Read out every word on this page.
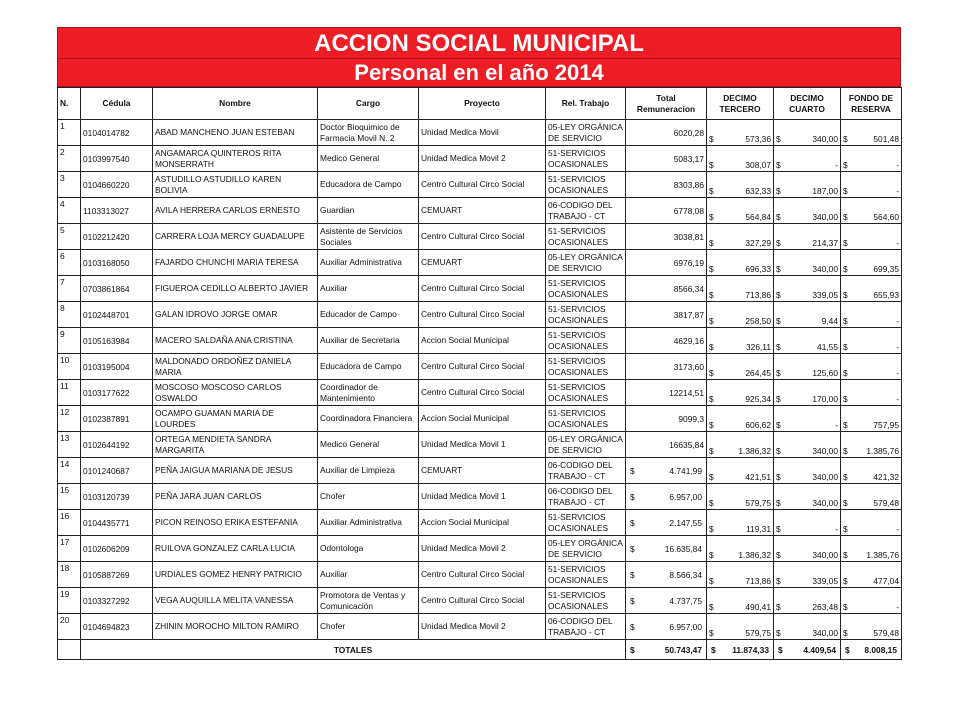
ACCION SOCIAL MUNICIPAL
Personal en el año 2014
N.	Cédula	Nombre	Cargo	Proyecto	Rel. Trabajo	Total Remuneracion	DECIMO TERCERO	DECIMO CUARTO	FONDO DE RESERVA
1	0104014782	ABAD MANCHENO JUAN ESTEBAN	Doctor Bioquimico de Farmacia Movil N. 2	Unidad Medica Movil	05-LEY ORGÁNICA DE SERVICIO	6020,28	$ 573,36	$ 340,00	$ 501,48

2	0103997540	ANGAMARCA QUINTEROS RITA MONSERRATH	Medico General	Unidad Medica Movil 2	51-SERVICIOS OCASIONALES	5083,17	$ 308,07	$ -	$ -

3	0104660220	ASTUDILLO ASTUDILLO KAREN BOLIVIA	Educadora de Campo	Centro Cultural Circo Social	51-SERVICIOS OCASIONALES	8303,86	$ 632,33	$ 187,00	$ -

4	1103313027	AVILA HERRERA CARLOS ERNESTO	Guardian	CEMUART	06-CODIGO DEL TRABAJO - CT	6778,08	$ 564,84	$ 340,00	$ 564,60

5	0102212420	CARRERA LOJA MERCY GUADALUPE	Asistente de Servicios Sociales	Centro Cultural Circo Social	51-SERVICIOS OCASIONALES	3038,81	$ 327,29	$ 214,37	$ -

6	0103168050	FAJARDO CHUNCHI MARIA TERESA	Auxiliar Administrativa	CEMUART	05-LEY ORGÁNICA DE SERVICIO	6976,19	$ 696,33	$ 340,00	$ 699,35

7	0703861864	FIGUEROA CEDILLO ALBERTO JAVIER	Auxiliar	Centro Cultural Circo Social	51-SERVICIOS OCASIONALES	8566,34	$ 713,86	$ 339,05	$ 655,93

8	0102448701	GALAN IDROVO JORGE OMAR	Educador de Campo	Centro Cultural Circo Social	51-SERVICIOS OCASIONALES	3817,87	$ 258,50	$ 9,44	$ -

9	0105163984	MACERO SALDAÑA ANA CRISTINA	Auxiliar de Secretaria	Accion Social Municipal	51-SERVICIOS OCASIONALES	4629,16	$ 326,11	$ 41,55	$ -

10	0103195004	MALDONADO ORDOÑEZ DANIELA MARIA	Educadora de Campo	Centro Cultural Circo Social	51-SERVICIOS OCASIONALES	3173,60	$ 264,45	$ 125,60	$ -

11	0103177622	MOSCOSO MOSCOSO CARLOS OSWALDO	Coordinador de Mantenimiento	Centro Cultural Circo Social	51-SERVICIOS OCASIONALES	12214,51	$ 925,34	$ 170,00	$ -

12	0102387891	OCAMPO GUAMAN MARIA DE LOURDES	Coordinadora Financiera	Accion Social Municipal	51-SERVICIOS OCASIONALES	9099,3	$ 606,62	$ -	$ 757,95

13	0102644192	ORTEGA MENDIETA SANDRA MARGARITA	Medico General	Unidad Medica Movil 1	05-LEY ORGÁNICA DE SERVICIO	16635,84	$ 1.386,32	$ 340,00	$ 1.385,76

14	0101240687	PEÑA JAIGUA MARIANA DE JESUS	Auxiliar de Limpieza	CEMUART	06-CODIGO DEL TRABAJO - CT	$ 4.741,99	$ 421,51	$ 340,00	$ 421,32

15	0103120739	PEÑA JARA JUAN CARLOS	Chofer	Unidad Medica Movil 1	06-CODIGO DEL TRABAJO - CT	$ 6.957,00	$ 579,75	$ 340,00	$ 579,48

16	0104435771	PICON REINOSO ERIKA ESTEFANIA	Auxiliar Administrativa	Accion Social Municipal	51-SERVICIOS OCASIONALES	$ 2.147,55	$ 119,31	$ -	$ -

17	0102606209	RUILOVA GONZALEZ CARLA LUCIA	Odontologa	Unidad Medica Movil 2	05-LEY ORGÁNICA DE SERVICIO	$ 16.635,84	$ 1.386,32	$ 340,00	$ 1.385,76

18	0105887269	URDIALES GOMEZ HENRY PATRICIO	Auxiliar	Centro Cultural Circo Social	51-SERVICIOS OCASIONALES	$ 8.566,34	$ 713,86	$ 339,05	$ 477,04

19	0103327292	VEGA AUQUILLA MELITA VANESSA	Promotora de Ventas y Comunicación	Centro Cultural Circo Social	51-SERVICIOS OCASIONALES	$ 4.737,75	$ 490,41	$ 263,48	$ -

20	0104694823	ZHININ MOROCHO MILTON RAMIRO	Chofer	Unidad Medica Movil 2	06-CODIGO DEL TRABAJO - CT	$ 6.957,00	$ 579,75	$ 340,00	$ 579,48

	TOTALES					$ 50.743,47	$ 11.874,33	$ 4.409,54	$ 8.008,15
